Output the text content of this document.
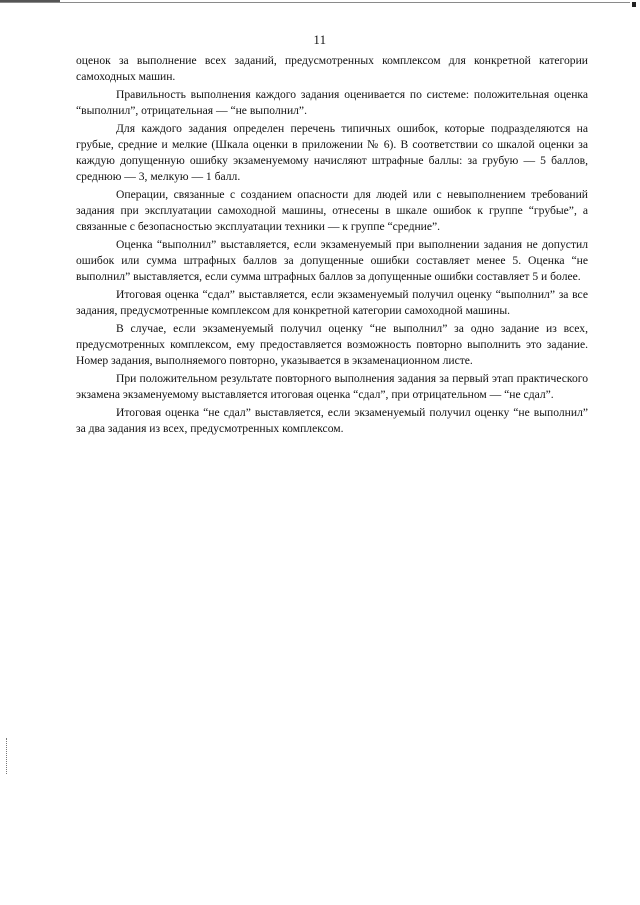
11

оценок за выполнение всех заданий, предусмотренных комплексом для конкретной категории самоходных машин.

Правильность выполнения каждого задания оценивается по системе: положительная оценка “выполнил”, отрицательная — “не выполнил”.

Для каждого задания определен перечень типичных ошибок, которые подразделяются на грубые, средние и мелкие (Шкала оценки в приложении № 6). В соответствии со шкалой оценки за каждую допущенную ошибку экзаменуемому начисляют штрафные баллы: за грубую — 5 баллов, среднюю — 3, мелкую — 1 балл.

Операции, связанные с созданием опасности для людей или с невыполнением требований задания при эксплуатации самоходной машины, отнесены в шкале ошибок к группе “грубые”, а связанные с безопасностью эксплуатации техники — к группе “средние”.

Оценка “выполнил” выставляется, если экзаменуемый при выполнении задания не допустил ошибок или сумма штрафных баллов за допущенные ошибки составляет менее 5. Оценка “не выполнил” выставляется, если сумма штрафных баллов за допущенные ошибки составляет 5 и более.

Итоговая оценка “сдал” выставляется, если экзаменуемый получил оценку “выполнил” за все задания, предусмотренные комплексом для конкретной категории самоходной машины.

В случае, если экзаменуемый получил оценку “не выполнил” за одно задание из всех, предусмотренных комплексом, ему предоставляется возможность повторно выполнить это задание. Номер задания, выполняемого повторно, указывается в экзаменационном листе.

При положительном результате повторного выполнения задания за первый этап практического экзамена экзаменуемому выставляется итоговая оценка “сдал”, при отрицательном — “не сдал”.

Итоговая оценка “не сдал” выставляется, если экзаменуемый получил оценку “не выполнил” за два задания из всех, предусмотренных комплексом.
